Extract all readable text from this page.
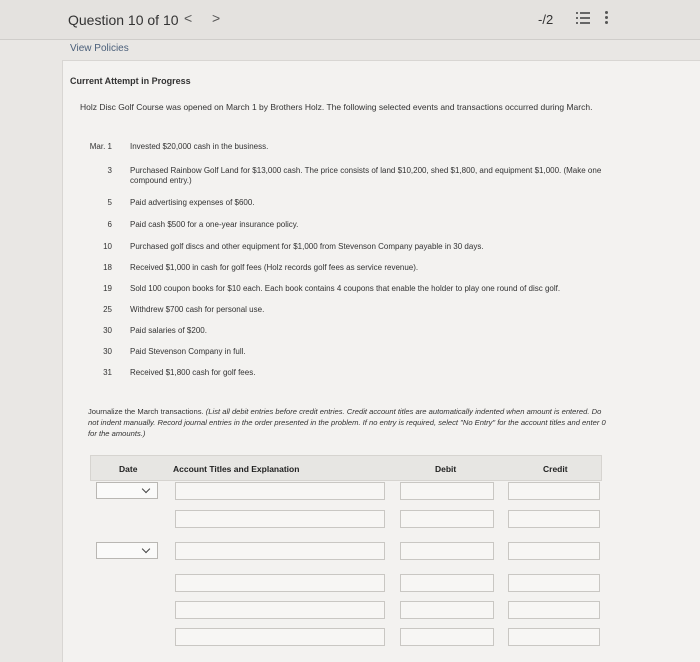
Question 10 of 10 < >	-/2
View Policies
Current Attempt in Progress
Holz Disc Golf Course was opened on March 1 by Brothers Holz. The following selected events and transactions occurred during March.
Mar. 1 Invested $20,000 cash in the business.
3 Purchased Rainbow Golf Land for $13,000 cash. The price consists of land $10,200, shed $1,800, and equipment $1,000. (Make one compound entry.)
5 Paid advertising expenses of $600.
6 Paid cash $500 for a one-year insurance policy.
10 Purchased golf discs and other equipment for $1,000 from Stevenson Company payable in 30 days.
18 Received $1,000 in cash for golf fees (Holz records golf fees as service revenue).
19 Sold 100 coupon books for $10 each. Each book contains 4 coupons that enable the holder to play one round of disc golf.
25 Withdrew $700 cash for personal use.
30 Paid salaries of $200.
30 Paid Stevenson Company in full.
31 Received $1,800 cash for golf fees.
Journalize the March transactions. (List all debit entries before credit entries. Credit account titles are automatically indented when amount is entered. Do not indent manually. Record journal entries in the order presented in the problem. If no entry is required, select "No Entry" for the account titles and enter 0 for the amounts.)
Date	Account Titles and Explanation	Debit	Credit
